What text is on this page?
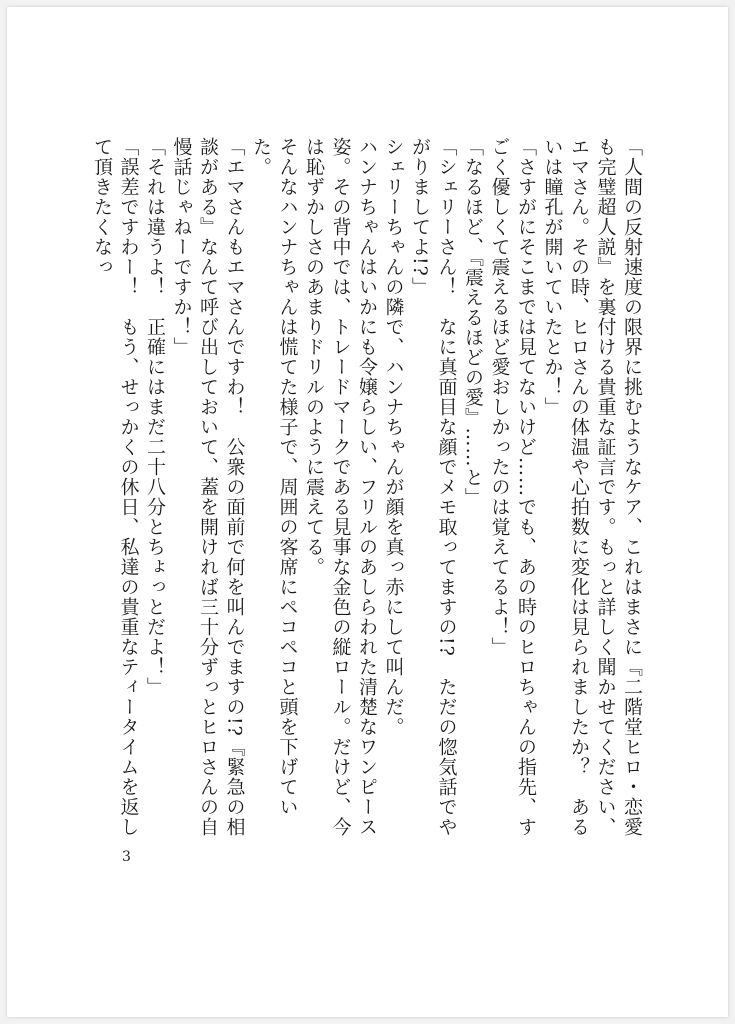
「人間の反射速度の限界に挑むようなケア、これはまさに『二階堂ヒロ・恋愛も完璧超人説』を裏付ける貴重な証言です。もっと詳しく聞かせてください、エマさん。その時、ヒロさんの体温や心拍数に変化は見られましたか？　あるいは瞳孔が開いていたとか！」

「さすがにそこまでは見てないけど……でも、あの時のヒロちゃんの指先、すごく優しくて震えるほど愛おしかったのは覚えてるよ！」

「なるほど、『震えるほどの愛』……と」

「シェリーさん！　なに真面目な顔でメモ取ってますの!?　ただの惚気話でやがりましてよ!?」

シェリーちゃんの隣で、ハンナちゃんが顔を真っ赤にして叫んだ。

ハンナちゃんはいかにも令嬢らしい、フリルのあしらわれた清楚なワンピース姿。その背中では、トレードマークである見事な金色の縦ロール。だけど、今は恥ずかしさのあまりドリルのように震えてる。

そんなハンナちゃんは慌てた様子で、周囲の客席にペコペコと頭を下げていた。

「エマさんもエマさんですわ！　公衆の面前で何を叫んでますの!?『緊急の相談がある』なんて呼び出しておいて、蓋を開ければ三十分ずっとヒロさんの自慢話じゃねーですか！」

「それは違うよ！　正確にはまだ二十八分とちょっとだよ！」

「誤差ですわー！　もう、せっかくの休日、私達の貴重なティータイムを返して頂きたくなっ

3
